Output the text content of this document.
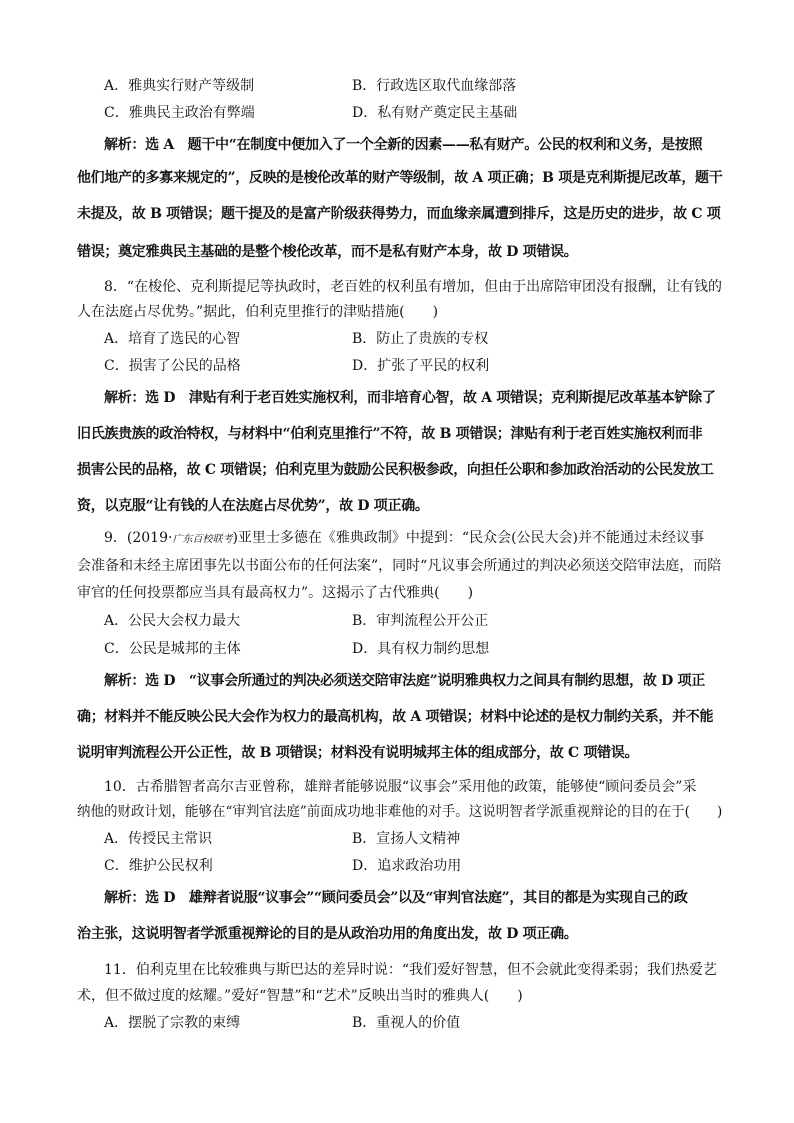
A．雅典实行财产等级制	B．行政选区取代血缘部落
C．雅典民主政治有弊端	D．私有财产奠定民主基础
解析：选 A　题干中“在制度中便加入了一个全新的因素——私有财产。公民的权利和义务，是按照
他们地产的多寡来规定的”，反映的是梭伦改革的财产等级制，故 A 项正确；B 项是克利斯提尼改革，题干
未提及，故 B 项错误；题干提及的是富产阶级获得势力，而血缘亲属遭到排斥，这是历史的进步，故 C 项
错误；奠定雅典民主基础的是整个梭伦改革，而不是私有财产本身，故 D 项错误。
8．“在梭伦、克利斯提尼等执政时，老百姓的权利虽有增加，但由于出席陪审团没有报酬，让有钱的
人在法庭占尽优势。”据此，伯利克里推行的津贴措施(　　)
A．培育了选民的心智	B．防止了贵族的专权
C．损害了公民的品格	D．扩张了平民的权利
解析：选 D　津贴有利于老百姓实施权利，而非培育心智，故 A 项错误；克利斯提尼改革基本铲除了
旧氏族贵族的政治特权，与材料中“伯利克里推行”不符，故 B 项错误；津贴有利于老百姓实施权利而非
损害公民的品格，故 C 项错误；伯利克里为鼓励公民积极参政，向担任公职和参加政治活动的公民发放工
资，以克服“让有钱的人在法庭占尽优势”，故 D 项正确。
9．(2019·广东百校联考)亚里士多德在《雅典政制》中提到：“民众会(公民大会)并不能通过未经议事
会准备和未经主席团事先以书面公布的任何法案”，同时“凡议事会所通过的判决必须送交陪审法庭，而陪
审官的任何投票都应当具有最高权力”。这揭示了古代雅典(　　)
A．公民大会权力最大	B．审判流程公开公正
C．公民是城邦的主体	D．具有权力制约思想
解析：选 D　“议事会所通过的判决必须送交陪审法庭”说明雅典权力之间具有制约思想，故 D 项正
确；材料并不能反映公民大会作为权力的最高机构，故 A 项错误；材料中论述的是权力制约关系，并不能
说明审判流程公开公正性，故 B 项错误；材料没有说明城邦主体的组成部分，故 C 项错误。
10．古希腊智者高尔吉亚曾称，雄辩者能够说服“议事会”采用他的政策，能够使“顾问委员会”采
纳他的财政计划，能够在“审判官法庭”前面成功地非难他的对手。这说明智者学派重视辩论的目的在于(　　)
A．传授民主常识	B．宣扬人文精神
C．维护公民权利	D．追求政治功用
解析：选 D　雄辩者说服“议事会”“顾问委员会”以及“审判官法庭”，其目的都是为实现自己的政
治主张，这说明智者学派重视辩论的目的是从政治功用的角度出发，故 D 项正确。
11．伯利克里在比较雅典与斯巴达的差异时说：“我们爱好智慧，但不会就此变得柔弱；我们热爱艺
术，但不做过度的炫耀。”爱好“智慧”和“艺术”反映出当时的雅典人(　　)
A．摆脱了宗教的束缚	B．重视人的价值
